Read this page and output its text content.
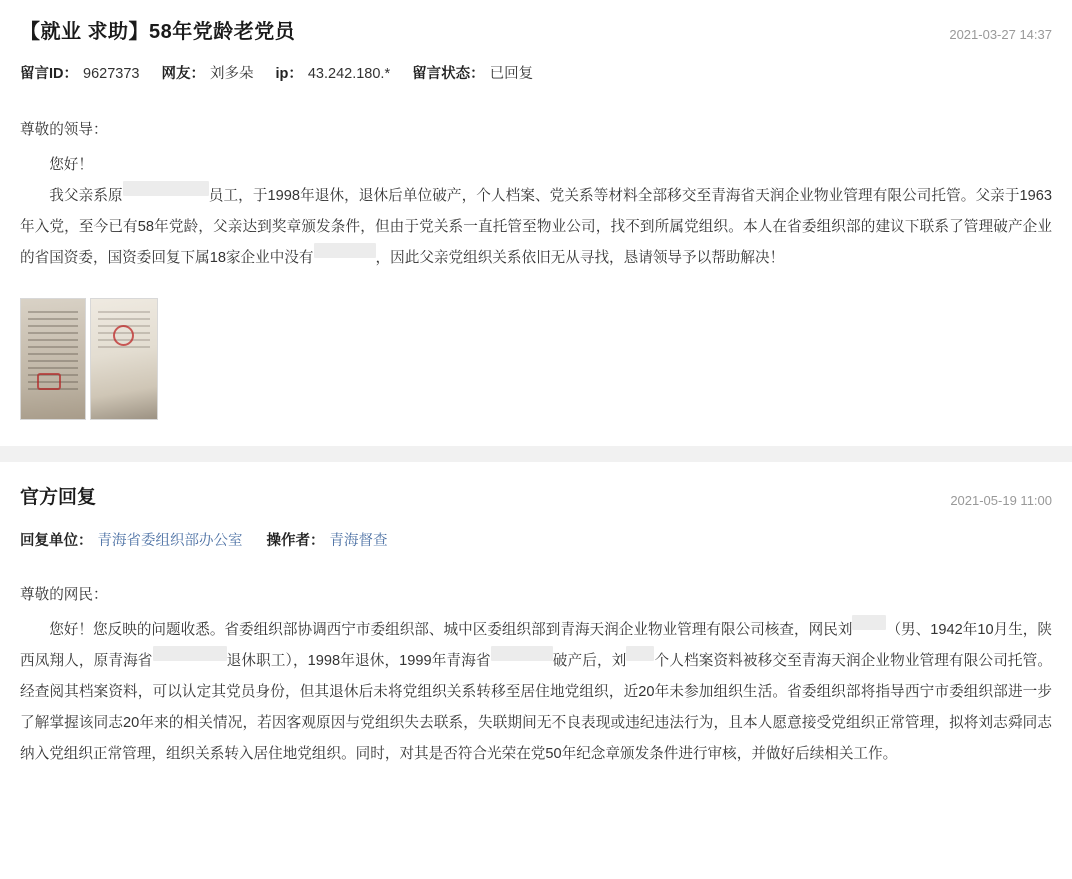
【就业 求助】58年党龄老党员	2021-03-27 14:37
留言ID： 9627373 网友： 刘多朵 ip： 43.242.180.* 留言状态： 已回复

尊敬的领导：

您好！
我父亲系原	员工，于1998年退休，退休后单位破产，个人档案、党关系等材料全部移交至青海省天润企业物业管理有限公司托管。父亲于1963年入党，至今已有58年党龄，父亲达到奖章颁发条件，但由于党关系一直托管至物业公司，找不到所属党组织。本人在省委组织部的建议下联系了管理破产企业的省国资委，国资委回复下属18家企业中没有	，因此父亲党组织关系依旧无从寻找，恳请领导予以帮助解决！

官方回复	2021-05-19 11:00
回复单位： 青海省委组织部办公室 操作者： 青海督查

尊敬的网民：

您好！您反映的问题收悉。省委组织部协调西宁市委组织部、城中区委组织部到青海天润企业物业管理有限公司核查，网民刘 （男、1942年10月生，陕西凤翔人，原青海省	退休职工），1998年退休，1999年青海省	破产后，刘 个人档案资料被移交至青海天润企业物业管理有限公司托管。经查阅其档案资料，可以认定其党员身份，但其退休后未将党组织关系转移至居住地党组织，近20年未参加组织生活。省委组织部将指导西宁市委组织部进一步了解掌握该同志20年来的相关情况，若因客观原因与党组织失去联系，失联期间无不良表现或违纪违法行为，且本人愿意接受党组织正常管理，拟将刘志舜同志纳入党组织正常管理，组织关系转入居住地党组织。同时，对其是否符合光荣在党50年纪念章颁发条件进行审核，并做好后续相关工作。
